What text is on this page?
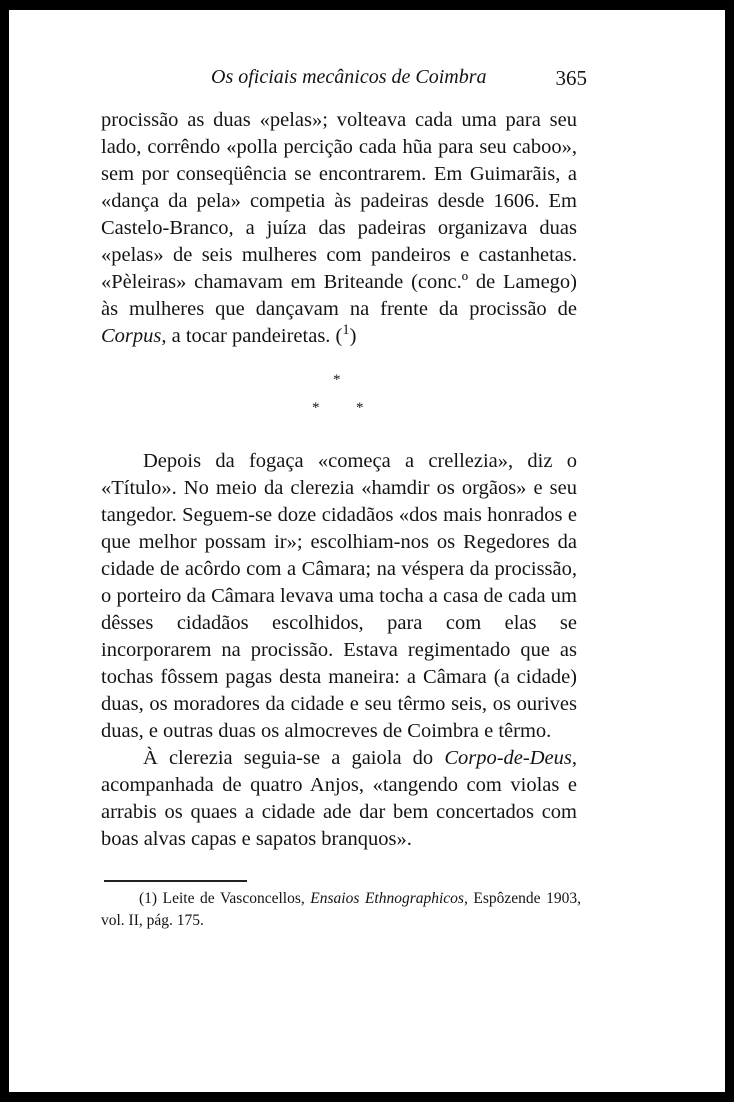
Os oficiais mecânicos de Coimbra	365

procissão as duas «pelas»; volteava cada uma para seu lado, corrêndo «polla percição cada hũa para seu caboo», sem por conseqüência se encontrarem. Em Guimarãis, a «dança da pela» competia às padeiras desde 1606. Em Castelo-Branco, a juíza das padeiras organizava duas «pelas» de seis mulheres com pandeiros e castanhetas. «Pèleiras» chamavam em Briteande (conc.º de Lamego) às mulheres que dançavam na frente da procissão de Corpus, a tocar pandeiretas. ($^1$)

*
* *

Depois da fogaça «começa a crellezia», diz o «Título». No meio da clerezia «hamdir os orgãos» e seu tangedor. Seguem-se doze cidadãos «dos mais honrados e que melhor possam ir»; escolhiam-nos os Regedores da cidade de acôrdo com a Câmara; na véspera da procissão, o porteiro da Câmara levava uma tocha a casa de cada um dêsses cidadãos escolhidos, para com elas se incorporarem na procissão. Estava regimentado que as tochas fôssem pagas desta maneira: a Câmara (a cidade) duas, os moradores da cidade e seu têrmo seis, os ourives duas, e outras duas os almocreves de Coimbra e têrmo.

À clerezia seguia-se a gaiola do Corpo-de-Deus, acompanhada de quatro Anjos, «tangendo com violas e arrabis os quaes a cidade ade dar bem concertados com boas alvas capas e sapatos branquos».

(1) Leite de Vasconcellos, Ensaios Ethnographicos, Espôzende 1903, vol. II, pág. 175.
